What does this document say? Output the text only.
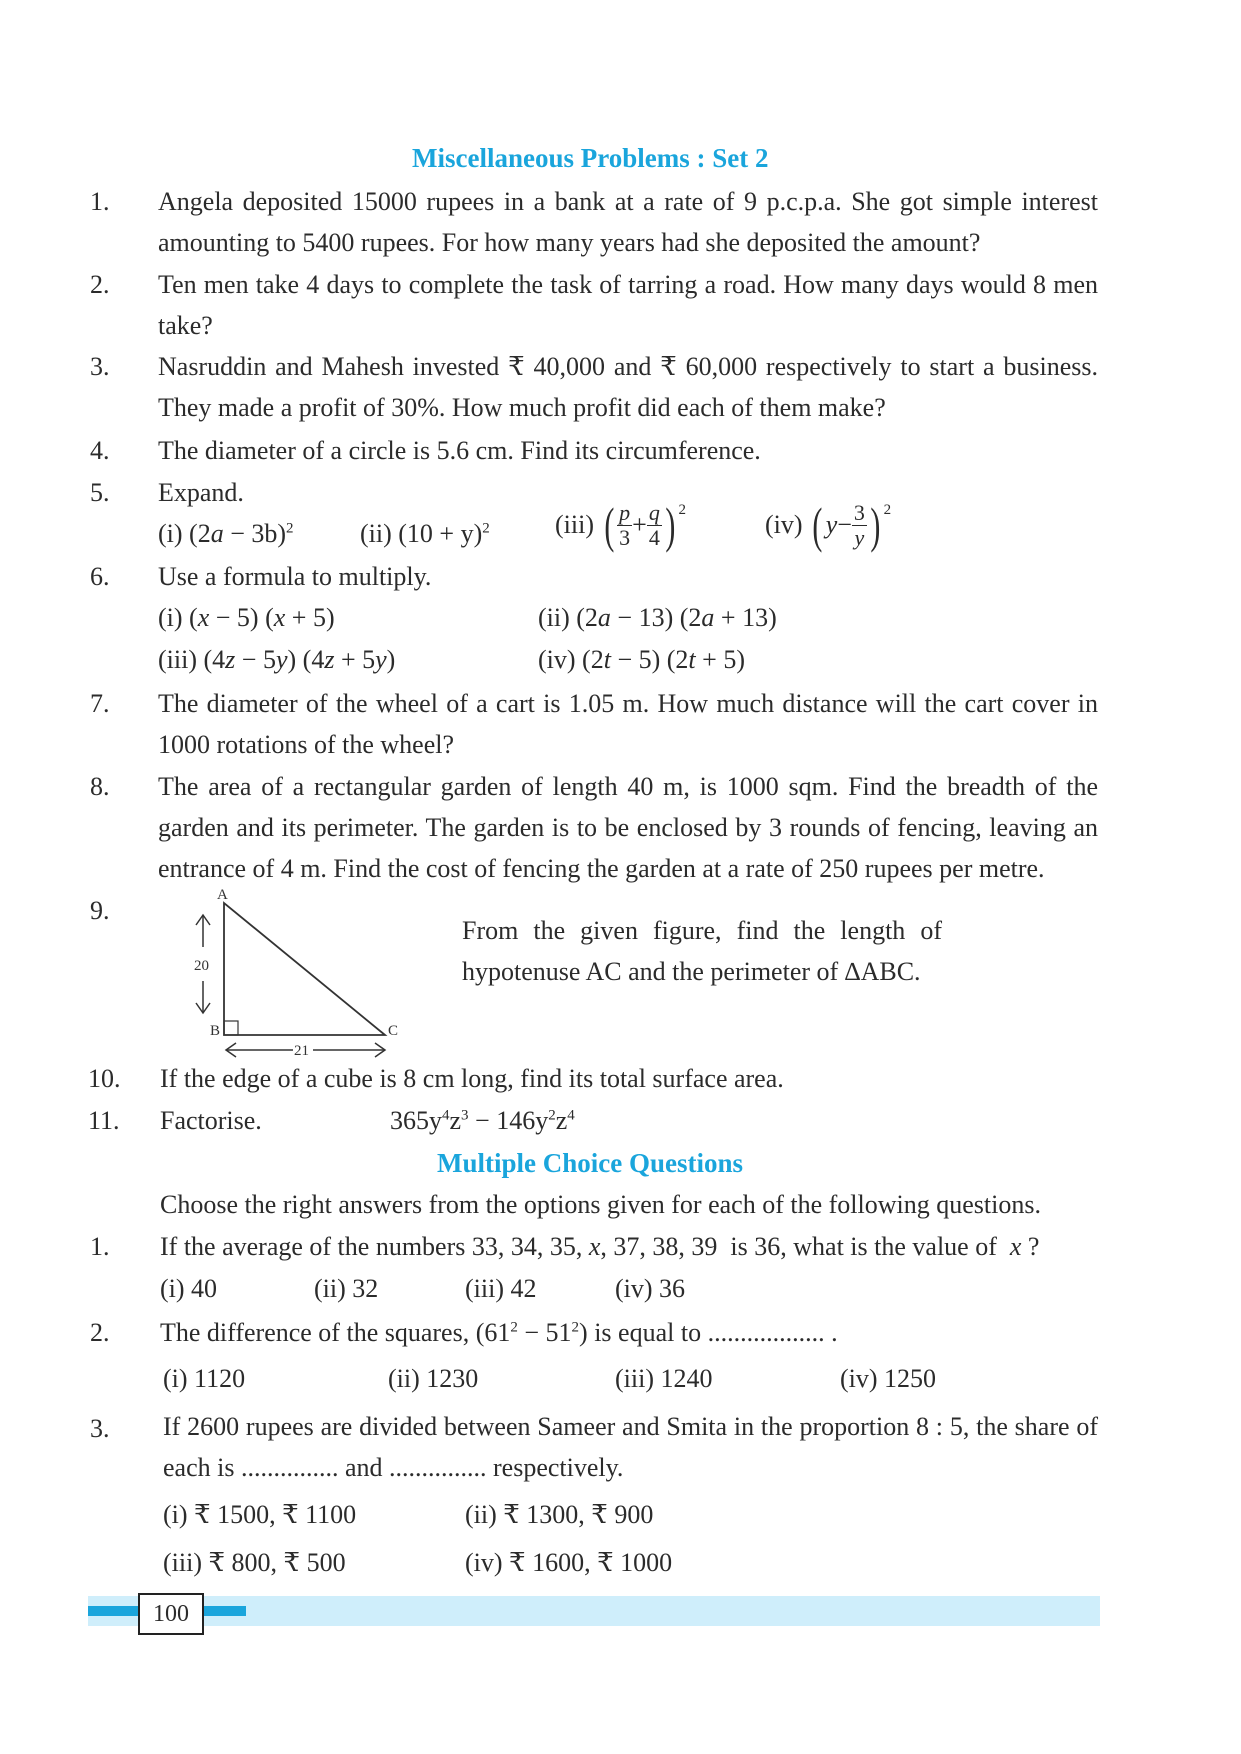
Miscellaneous Problems : Set 2
1. Angela deposited 15000 rupees in a bank at a rate of 9 p.c.p.a. She got simple interest amounting to 5400 rupees. For how many years had she deposited the amount?
2. Ten men take 4 days to complete the task of tarring a road. How many days would 8 men take?
3. Nasruddin and Mahesh invested ₹ 40,000 and ₹ 60,000 respectively to start a business. They made a profit of 30%. How much profit did each of them make?
4. The diameter of a circle is 5.6 cm. Find its circumference.
5. Expand.
(i) $(2a - 3b)^2$	(ii) $(10 + y)^2$	(iii) ( $\frac{p}{3} + \frac{q}{4}$ ) $^2$	(iv) ( $y- \frac{3}{y}$ ) $^2$
6. Use a formula to multiply.
(i) (x − 5) (x + 5)	(ii) (2a − 13) (2a + 13)
(iii) (4z − 5y) (4z + 5y)	(iv) (2t − 5) (2t + 5)
7. The diameter of the wheel of a cart is 1.05 m. How much distance will the cart cover in 1000 rotations of the wheel?
8. The area of a rectangular garden of length 40 m, is 1000 sqm. Find the breadth of the garden and its perimeter. The garden is to be enclosed by 3 rounds of fencing, leaving an entrance of 4 m. Find the cost of fencing the garden at a rate of 250 rupees per metre.
9.
A
B	C
20
21
From the given figure, find the length of hypotenuse AC and the perimeter of ∆ABC.
10. If the edge of a cube is 8 cm long, find its total surface area.
11. Factorise.	$365y^4z^3 - 146y^2z^4$
Multiple Choice Questions
Choose the right answers from the options given for each of the following questions.
1. If the average of the numbers 33, 34, 35, x, 37, 38, 39  is 36, what is the value of  x ?
(i) 40	(ii) 32	(iii) 42	(iv) 36
2. The difference of the squares, $(61^2 - 51^2)$ is equal to .................. .
(i) 1120	(ii) 1230	(iii) 1240	(iv) 1250
3. If 2600 rupees are divided between Sameer and Smita in the proportion 8 : 5, the share of each is ............... and ............... respectively.
(i) ₹ 1500, ₹ 1100	(ii) ₹ 1300, ₹ 900
(iii) ₹ 800, ₹ 500	(iv) ₹ 1600, ₹ 1000
100
